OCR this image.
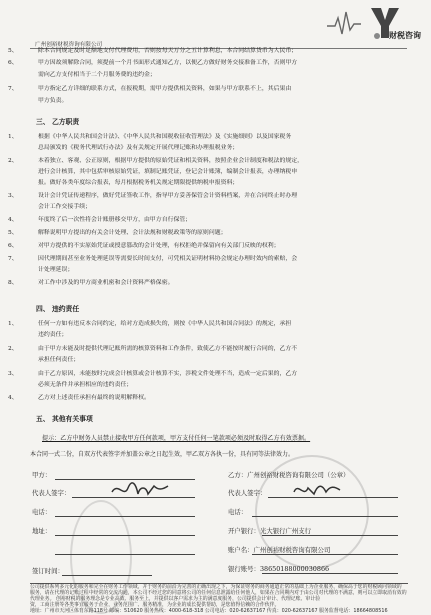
广州创裕财税咨询有限公司
财税咨询
5、	除本合同规定及时足额地支付代理费用，否则按每天万分之五计算利息，本合同结算货币为人民币；
6、	甲方因故须解除合同，须提前一个月书面形式通知乙方，以便乙方做好财务交接准备工作，否则甲方
需向乙方支付相当于二个月服务费的违约金；
7、	甲方指定乙方详细的联系方式，在报税期，需甲方提供相关资料，如果与甲方联系不上，其后果由
甲方负责。
三、 乙方职责
1、	根据《中华人民共和国会计法》、《中华人民共和国税收征收管理法》及《实施细则》以及国家税务
总局颁发的《税务代理试行办法》及有关规定开展代理记账和办理报税业务；
2、	本着独立、客观、公正原则，根据甲方提供的原始凭证和相关资料，按照企业会计制度和税法的规定，
进行会计核算，其中包括审核原始凭证，填制记账凭证，登记会计账簿，编制会计报表，办理纳税申
报。做好各类年度综合报表，每月根据税务机关规定期限提供纳税申报资料；
3、	设计会计凭证传递程序，做好凭证签收工作，指导甲方妥善保管会计资料档案，并在合同终止时办理
会计工作交接手续；
4、	年度终了后一次性将会计账册移交甲方，由甲方自行保管；
5、	解释说明甲方提出的有关会计处理、会计法规和财税政策等的原则问题；
6、	对甲方提供的不实原始凭证或授意篡改的会计处理，有权拒绝并保留向有关部门反映的权利；
7、	因代理期间甚至业务处理延误等需要长时间支付，可凭相关证明材料协会规定办理时效内的索赔，会
计处理延误；
8、	对工作中涉及的甲方商业机密和会计资料严格保密。
四、 违约责任
1、	任何一方如有违反本合同约定，给对方造成损失的，则按《中华人民共和国合同法》的规定，承担
违约责任；
2、	由于甲方未能及时提供代理记账所需的核算资料和工作条件，致使乙方不能按时履行合同的，乙方不
承担任何责任；
3、	由于乙方原因，未能按时完成会计核算或会计核算不实，涉税文件处理不当，造成一定后果的，乙方
必须无条件并承担相应的违约责任；
4、	乙方对上述责任承担有最终的说明解释权。
五、 其他有关事项
提示：乙方中财务人员禁止接收甲方任何款项，甲方支付任何一笔款项必须及时取得乙方有效票据。
本合同一式二份，自双方代表签字并加盖公章之日起生效，甲乙双方各执一份，具有同等法律效力。
甲方：
代表人签字：
电话：
地址：
乙方：广州创裕财税咨询有限公司（公章）
代表人签字：
电话：
开户银行：光大银行广州支行
账户名：广州创裕财税咨询有限公司
银行账号：38650188000030866
签订时间：
公司提供系列多元化的服务和完全在财务工作领域，并于财务的前沿为完善的正确出现之下，为保证财务的商务通道正常的基础上为企业服务，确保高于您的财税顾问领域的
服务，请在代理的记账过程中经常的交流沟通，本公司不经过您的同意将公司的任何信息泄露给任何他人，如果在合同期内对于由公司对代理的不满意，则可以立即取消有效的
代理业务。 创裕财税的服务理念是专业高效、服务至上，并提供以客户需求为主的满意度服务，公司提供会计审计、代理记账、审计验
资，工商注册等各类事宜服务于企业，业务范围广、服务精准，为企业的成长提供帮助，是您值得信赖的合作伙伴。
地址：广州市天河区体育东路118号 邮编：510620 服务热线：4000-618-318 公司电话：020-62637167 传真：020-62637167 服务监督电话：18664808516
